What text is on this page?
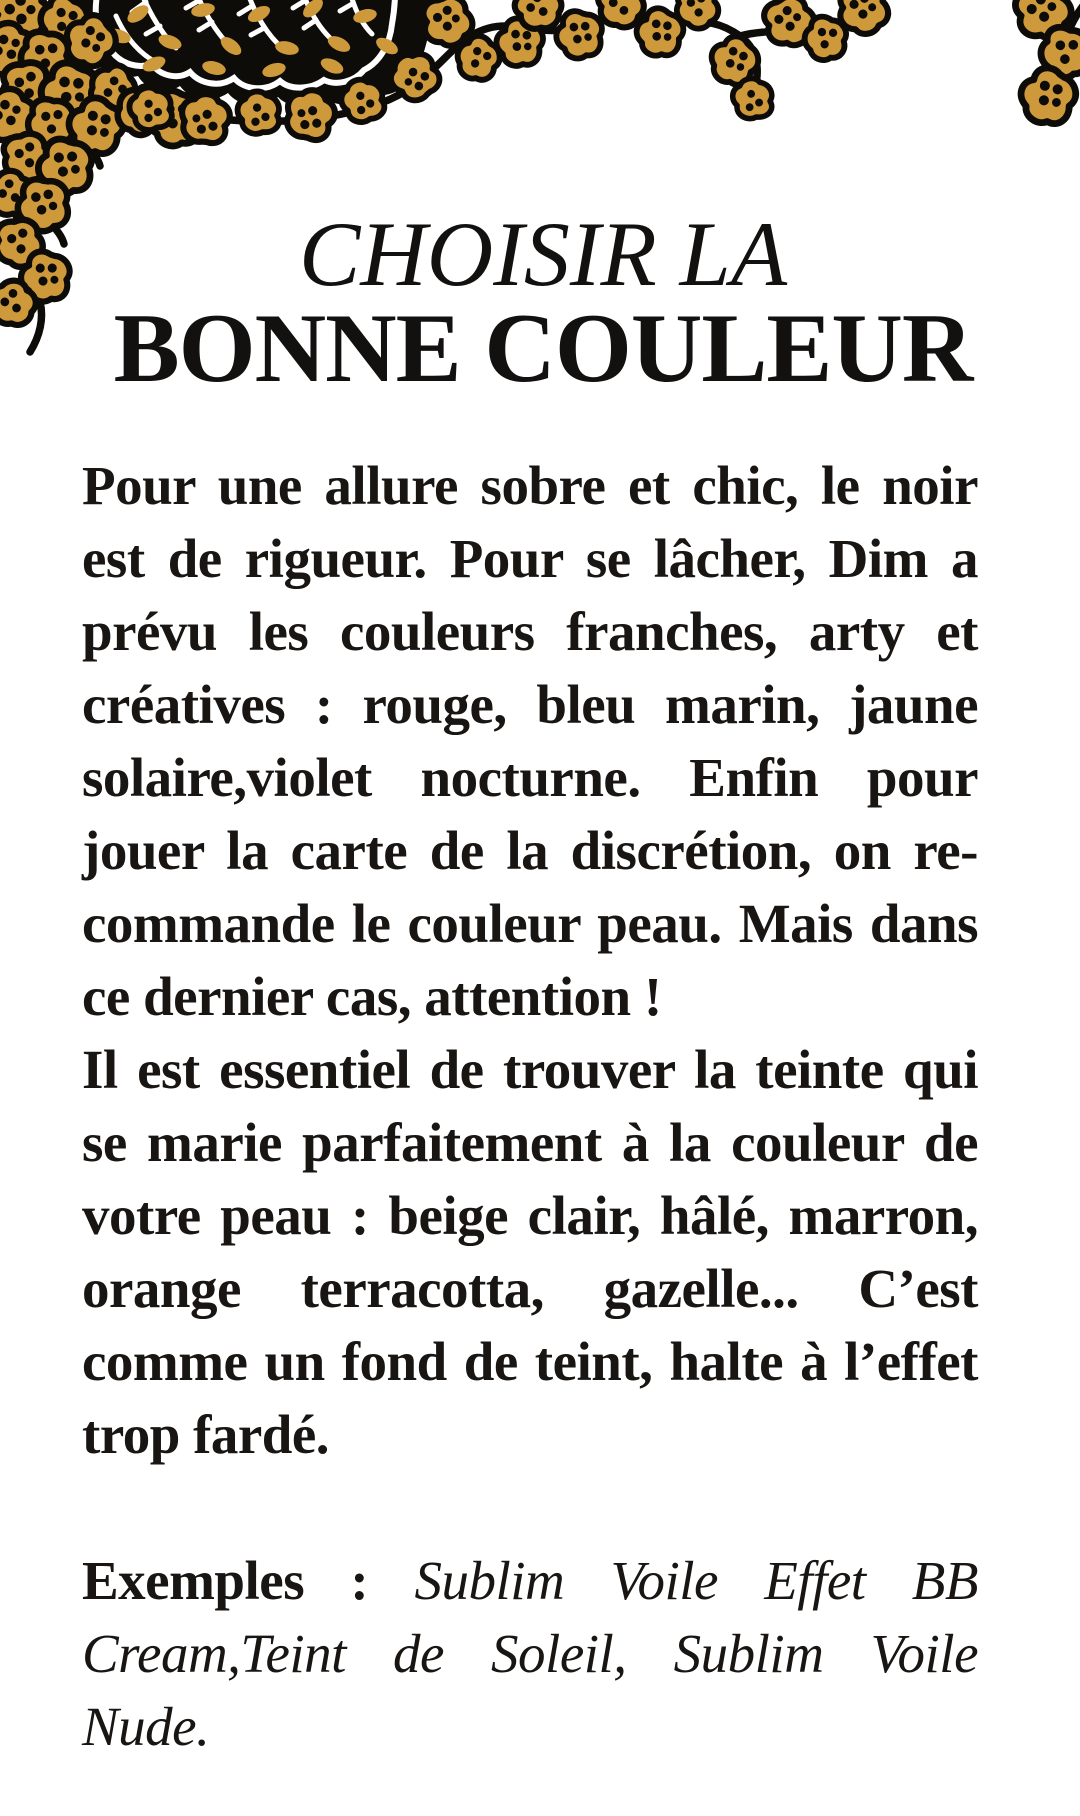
CHOISIR LA
BONNE COULEUR
Pour une allure sobre et chic, le noir
est de rigueur. Pour se lâcher, Dim a
prévu les couleurs franches, arty et
créatives : rouge, bleu marin, jaune
solaire,violet nocturne. Enfin pour
jouer la carte de la discrétion, on re-
commande le couleur peau. Mais dans
ce dernier cas, attention !
Il est essentiel de trouver la teinte qui
se marie parfaitement à la couleur de
votre peau : beige clair, hâlé, marron,
orange terracotta, gazelle... C’est
comme un fond de teint, halte à l’effet
trop fardé.
Exemples : Sublim Voile Effet BB
Cream,Teint de Soleil, Sublim Voile
Nude.
